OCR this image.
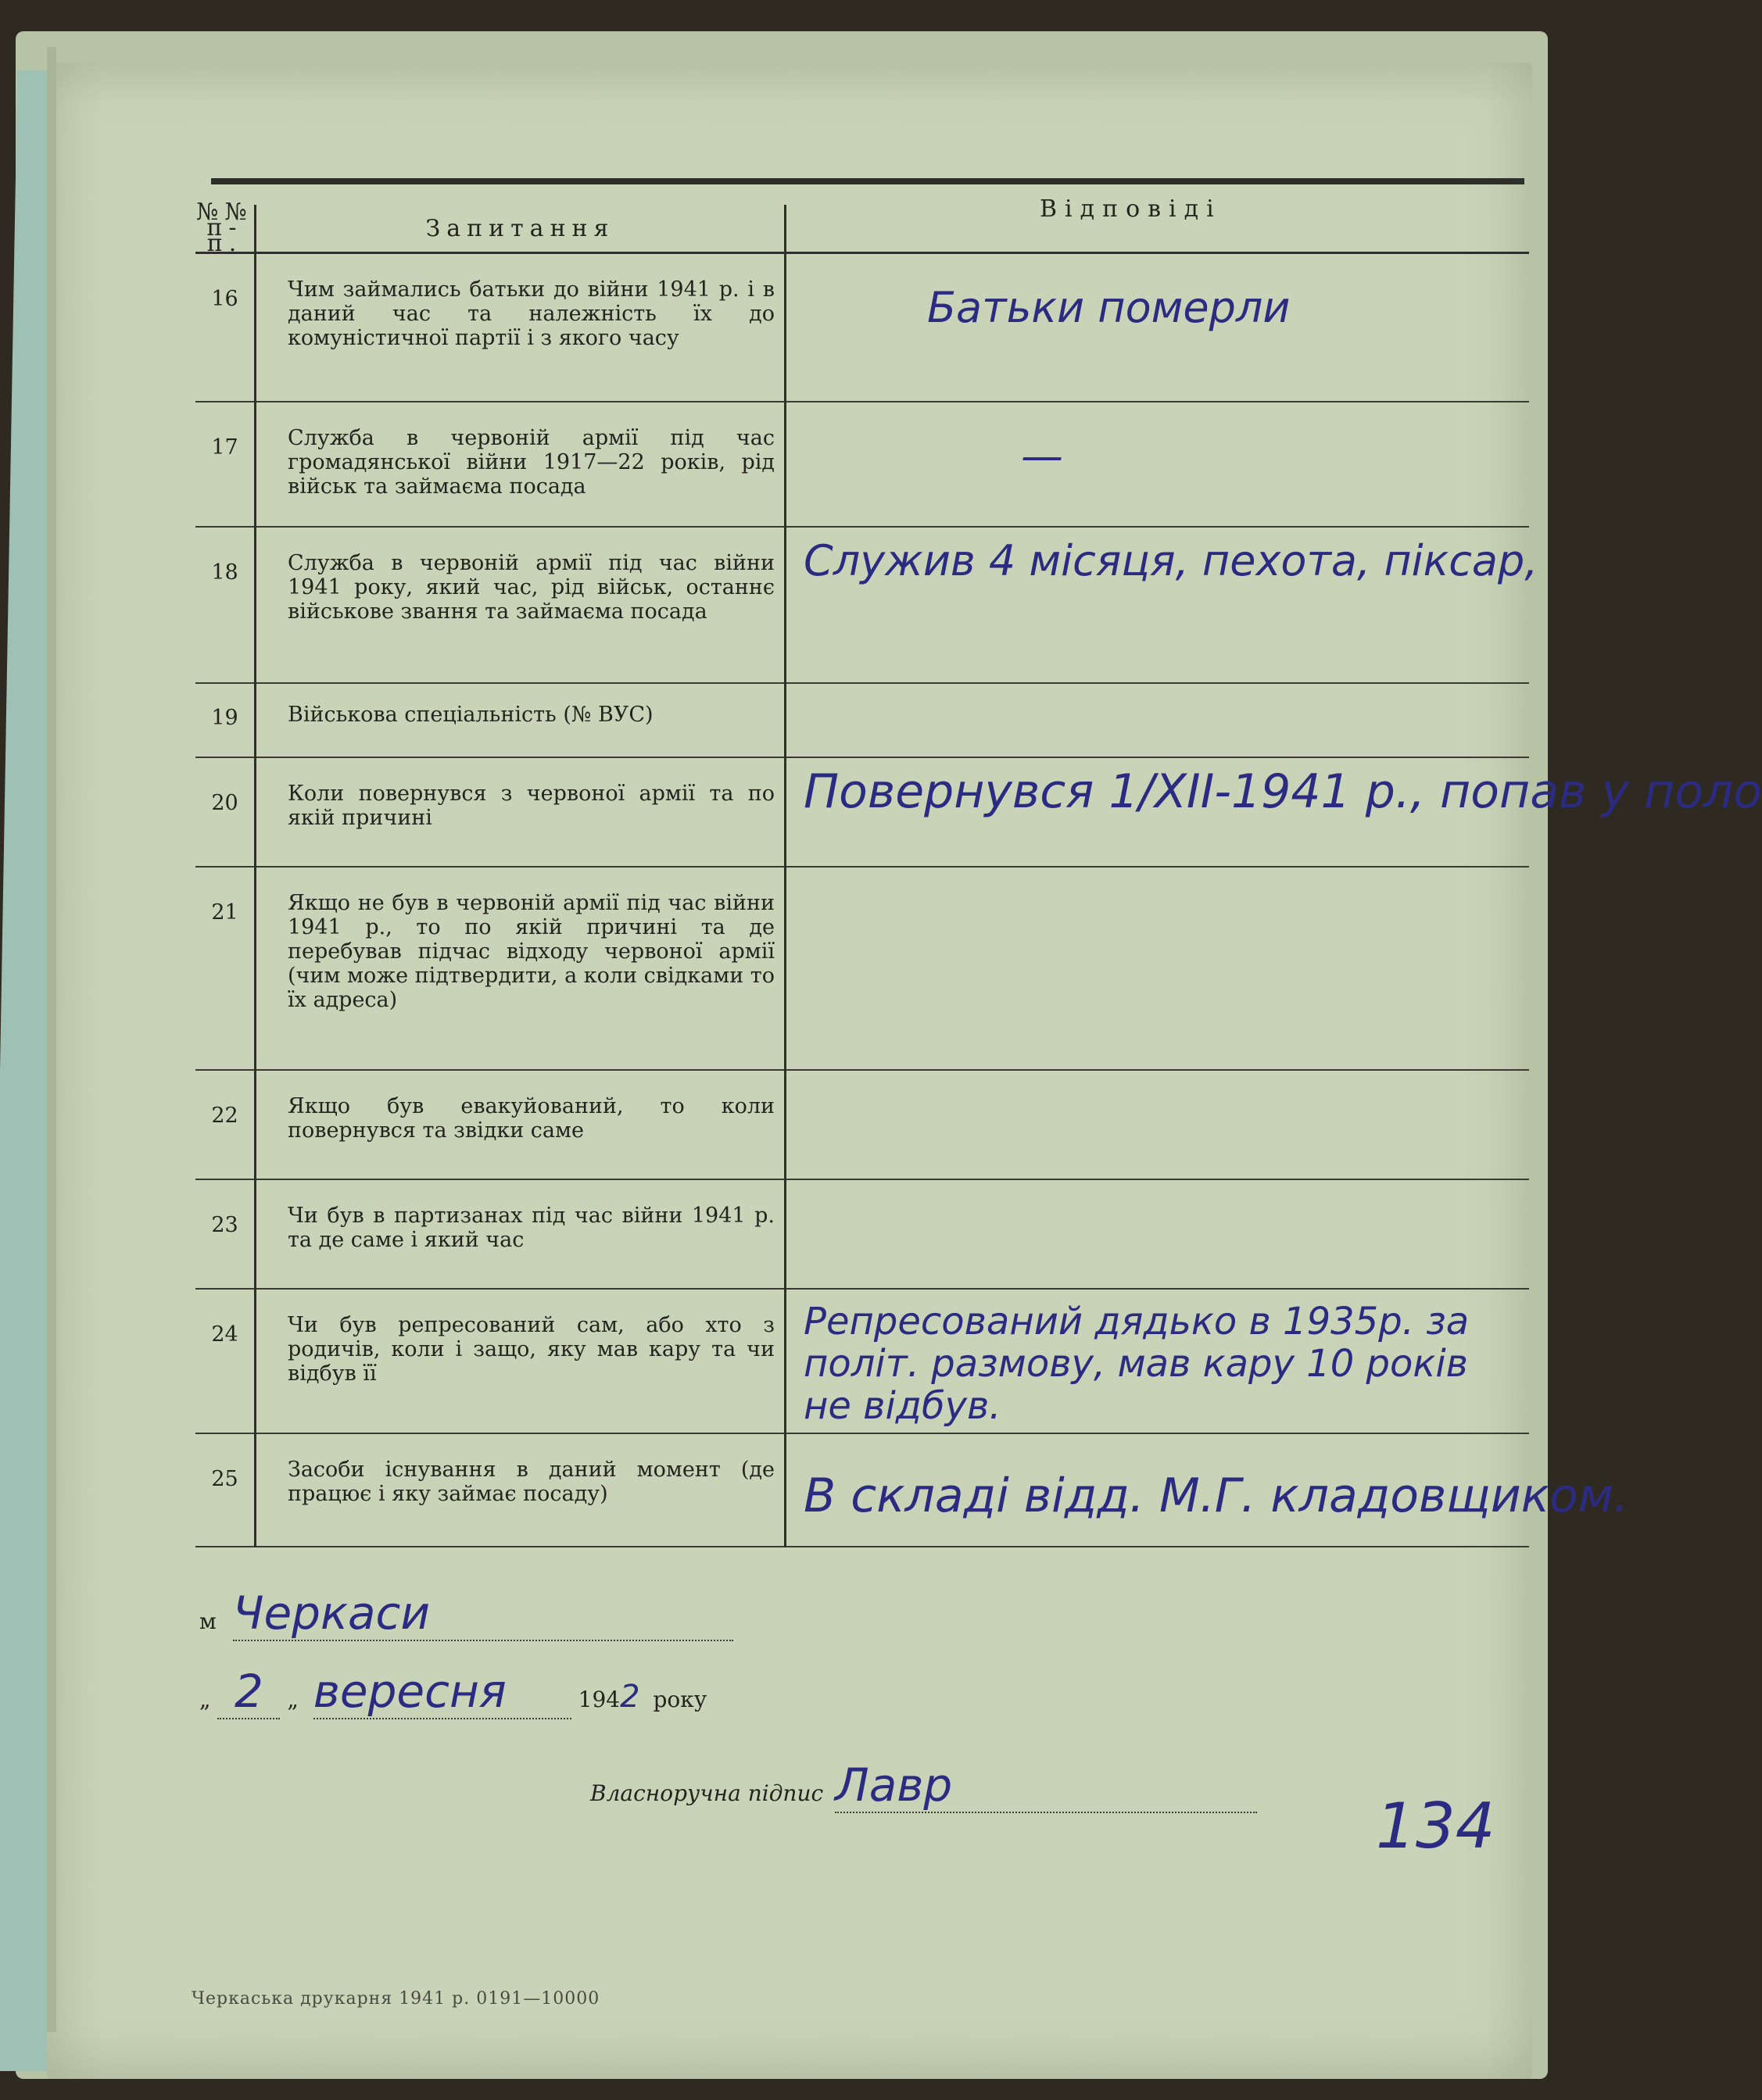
Відповіді
№№ п-п.	Запитання	
16	Чим займались батьки до війни 1941 р. і в даний час та належність їх до комуністичної партії і з якого часу	Батьки померли
17	Служба в червоній армії під час громадянської війни 1917—22 років, рід військ та займаєма посада	—
18	Служба в червоній армії під час війни 1941 року, який час, рід військ, останнє військове звання та займаєма посада	Служив 4 місяця, пехота, піксар,
19	Військова спеціальність (№ ВУС)	
20	Коли повернувся з червоної армії та по якій причині	Повернувся 1/XII-1941 р., попав у поло
21	Якщо не був в червоній армії під час війни 1941 р., то по якій причині та де перебував підчас відходу червоної армії (чим може підтвердити, а коли свідками то їх адреса)	
22	Якщо був евакуйований, то коли повернувся та звідки саме	
23	Чи був в партизанах під час війни 1941 р. та де саме і який час	
24	Чи був репресований сам, або хто з родичів, коли і защо, яку мав кару та чи відбув її	Репресований дядько в 1935р. за політ. размову, мав кару 10 років не відбув.
25	Засоби існування в даний момент (де працює і яку займає посаду)	В складі відд. М.Г. кладовщиком.
м Черкаси
„ 2 „ вересня	1942 року
Власноручна підпис Лавр
134
Черкаська друкарня 1941 р. 0191—10000
